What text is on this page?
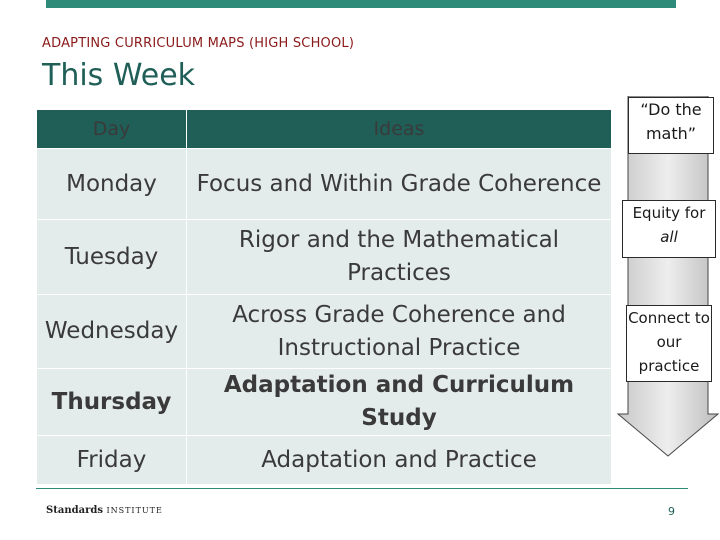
ADAPTING CURRICULUM MAPS (HIGH SCHOOL)
This Week
Day	Ideas
Monday	Focus and Within Grade Coherence
Tuesday	Rigor and the Mathematical Practices
Wednesday	Across Grade Coherence and Instructional Practice
Thursday	Adaptation and Curriculum Study
Friday	Adaptation and Practice
“Do the math”
Equity for all
Connect to our practice
Standards INSTITUTE	9
